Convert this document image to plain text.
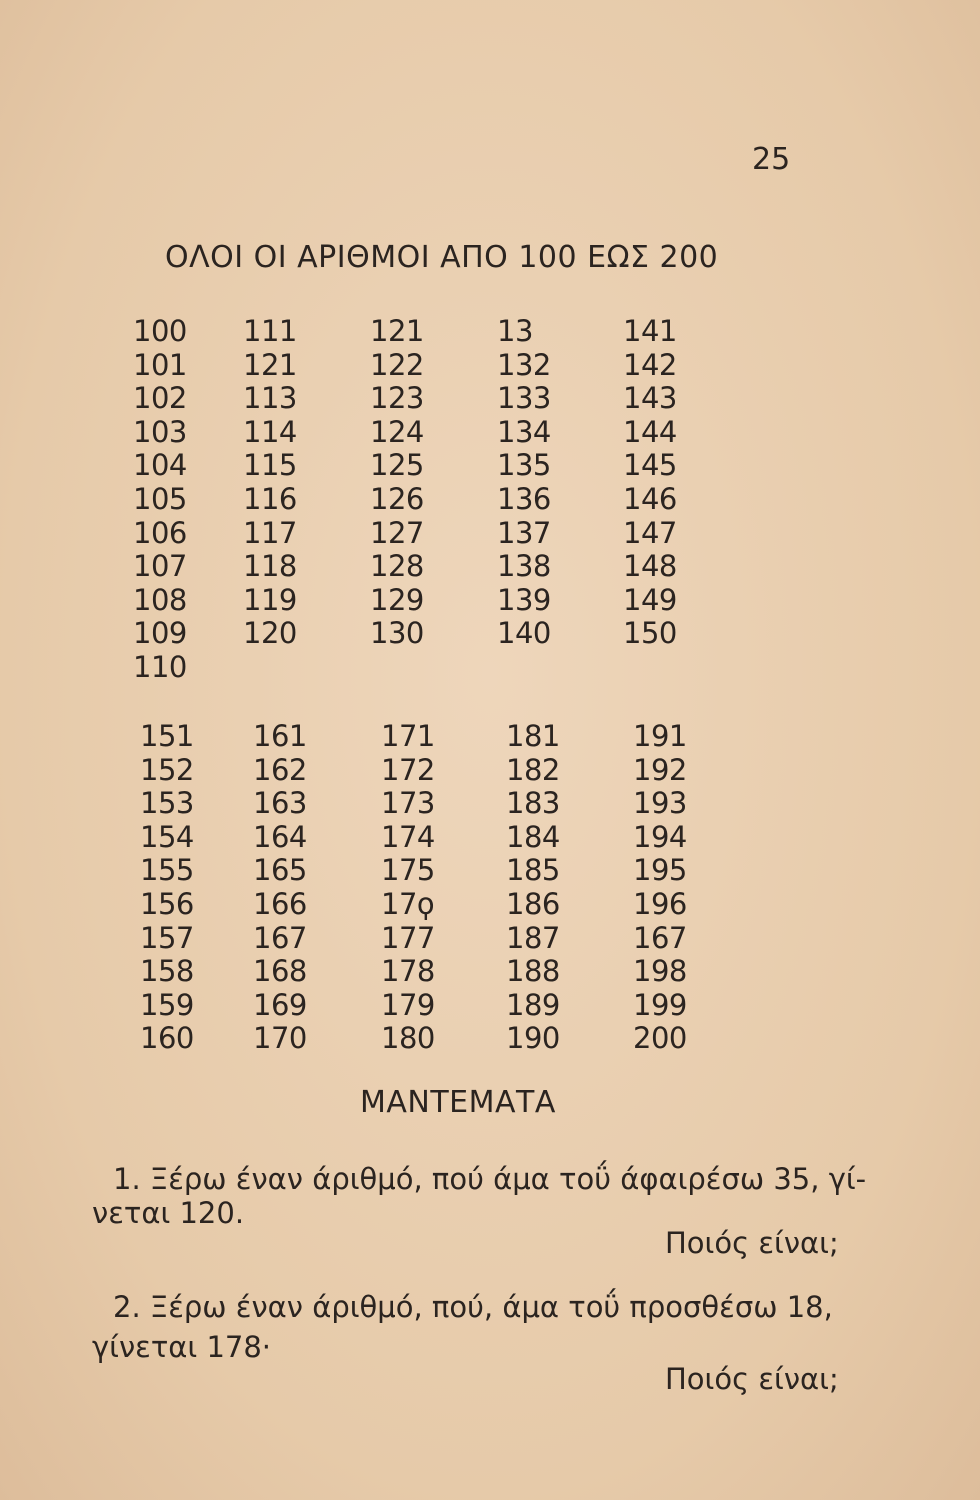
25
ΟΛΟΙ ΟΙ ΑΡΙΘΜΟΙ ΑΠΟ 100 ΕΩΣ 200
100
101
102
103
104
105
106
107
108
109
110
111
121
113
114
115
116
117
118
119
120
121
122
123
124
125
126
127
128
129
130
13
132
133
134
135
136
137
138
139
140
141
142
143
144
145
146
147
148
149
150
151
152
153
154
155
156
157
158
159
160
161
162
163
164
165
166
167
168
169
170
171
172
173
174
175
17ϙ
177
178
179
180
181
182
183
184
185
186
187
188
189
190
191
192
193
194
195
196
167
198
199
200
ΜΑΝΤΕΜΑΤΑ
1. Ξέρω έναν άριθμό, πού άμα τοΰ άφαιρέσω 35, γί-
νεται 120.
Ποιός είναι;
2. Ξέρω έναν άριθμό, πού, άμα τοΰ προσθέσω 18,
γίνεται 178·
Ποιός είναι;
